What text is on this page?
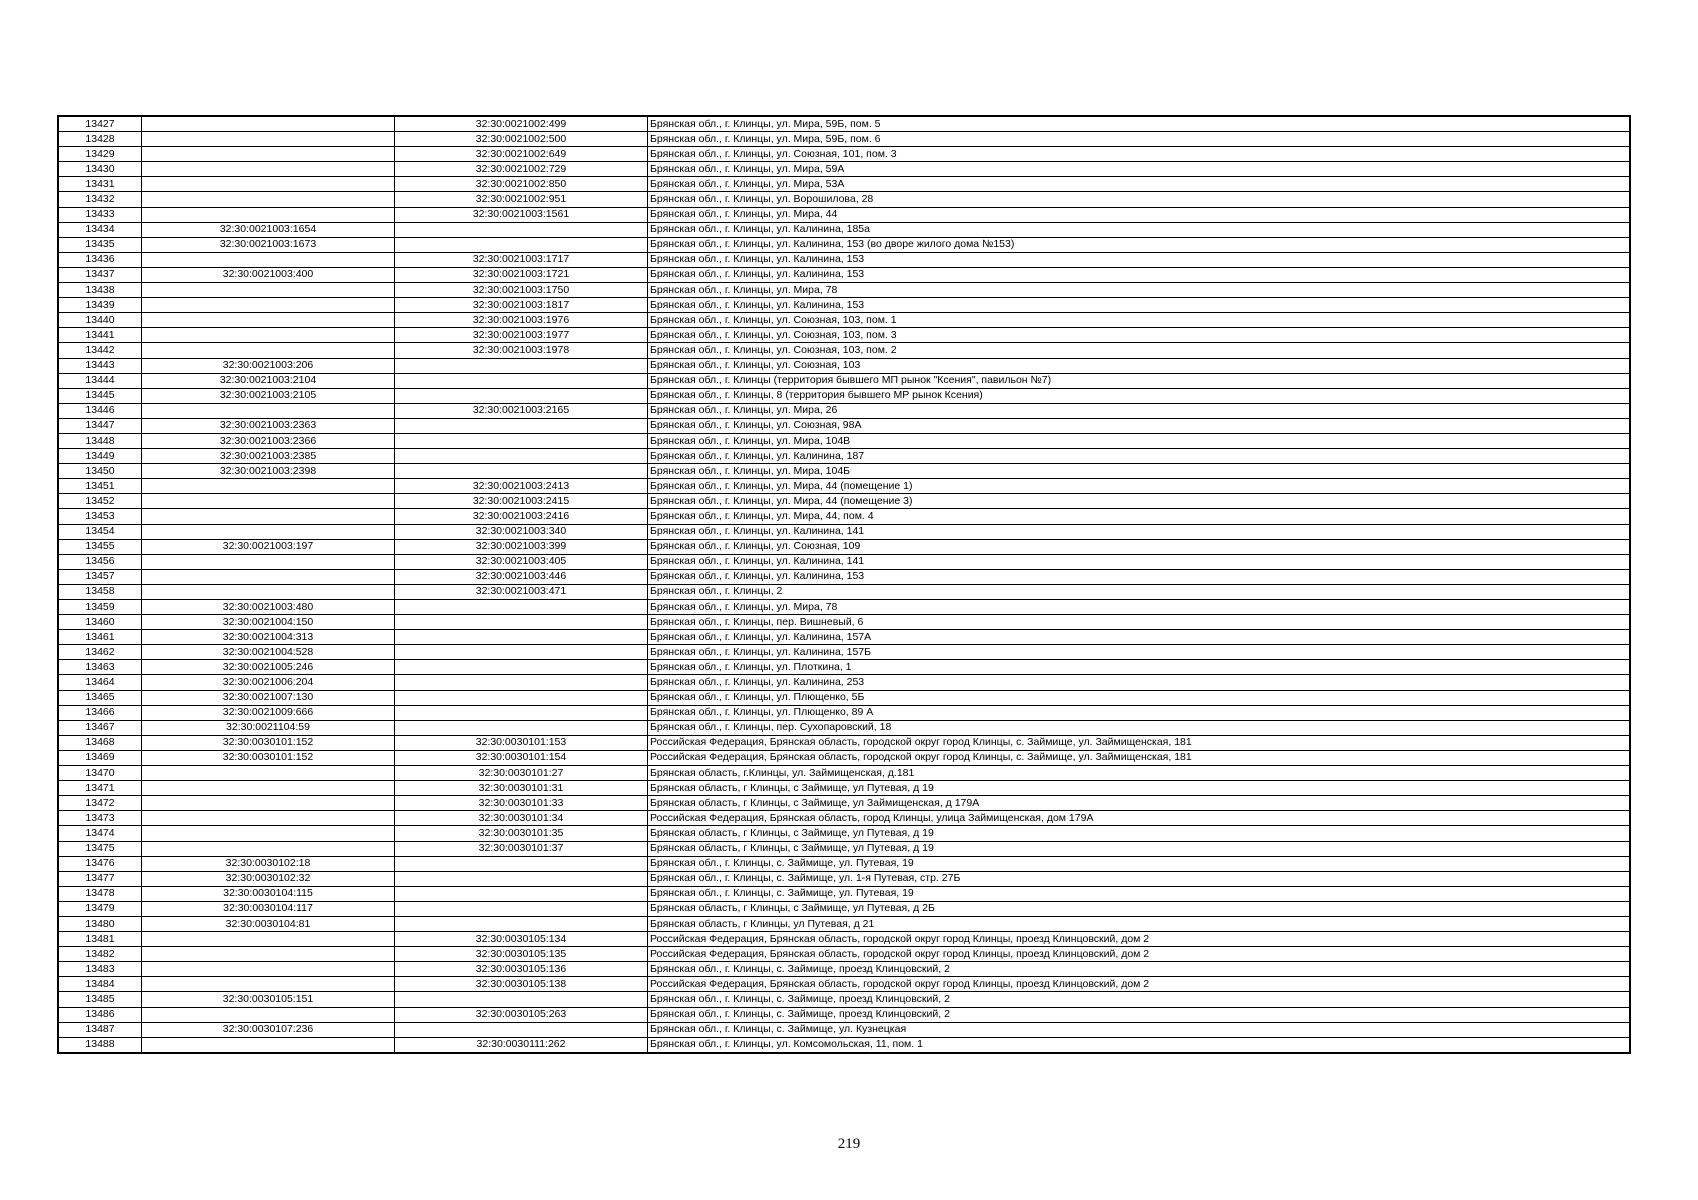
13427		32:30:0021002:499	Брянская обл., г. Клинцы, ул. Мира, 59Б, пом. 5
13428		32:30:0021002:500	Брянская обл., г. Клинцы, ул. Мира, 59Б, пом. 6
13429		32:30:0021002:649	Брянская обл., г. Клинцы, ул. Союзная, 101, пом. 3
13430		32:30:0021002:729	Брянская обл., г. Клинцы, ул. Мира, 59А
13431		32:30:0021002:850	Брянская обл., г. Клинцы, ул. Мира, 53А
13432		32:30:0021002:951	Брянская обл., г. Клинцы, ул. Ворошилова, 28
13433		32:30:0021003:1561	Брянская обл., г. Клинцы, ул. Мира, 44
13434	32:30:0021003:1654		Брянская обл., г. Клинцы, ул. Калинина, 185а
13435	32:30:0021003:1673		Брянская обл., г. Клинцы, ул. Калинина, 153 (во дворе жилого дома №153)
13436		32:30:0021003:1717	Брянская обл., г. Клинцы, ул. Калинина, 153
13437	32:30:0021003:400	32:30:0021003:1721	Брянская обл., г. Клинцы, ул. Калинина, 153
13438		32:30:0021003:1750	Брянская обл., г. Клинцы, ул. Мира, 78
13439		32:30:0021003:1817	Брянская обл., г. Клинцы, ул. Калинина, 153
13440		32:30:0021003:1976	Брянская обл., г. Клинцы, ул. Союзная, 103, пом. 1
13441		32:30:0021003:1977	Брянская обл., г. Клинцы, ул. Союзная, 103, пом. 3
13442		32:30:0021003:1978	Брянская обл., г. Клинцы, ул. Союзная, 103, пом. 2
13443	32:30:0021003:206		Брянская обл., г. Клинцы, ул. Союзная, 103
13444	32:30:0021003:2104		Брянская обл., г. Клинцы (территория бывшего МП рынок "Ксения", павильон №7)
13445	32:30:0021003:2105		Брянская обл., г. Клинцы, 8 (территория бывшего МР рынок Ксения)
13446		32:30:0021003:2165	Брянская обл., г. Клинцы, ул. Мира, 26
13447	32:30:0021003:2363		Брянская обл., г. Клинцы, ул. Союзная, 98А
13448	32:30:0021003:2366		Брянская обл., г. Клинцы, ул. Мира, 104В
13449	32:30:0021003:2385		Брянская обл., г. Клинцы, ул. Калинина, 187
13450	32:30:0021003:2398		Брянская обл., г. Клинцы, ул. Мира, 104Б
13451		32:30:0021003:2413	Брянская обл., г. Клинцы, ул. Мира, 44 (помещение 1)
13452		32:30:0021003:2415	Брянская обл., г. Клинцы, ул. Мира, 44 (помещение 3)
13453		32:30:0021003:2416	Брянская обл., г. Клинцы, ул. Мира, 44, пом. 4
13454		32:30:0021003:340	Брянская обл., г. Клинцы, ул. Калинина, 141
13455	32:30:0021003:197	32:30:0021003:399	Брянская обл., г. Клинцы, ул. Союзная, 109
13456		32:30:0021003:405	Брянская обл., г. Клинцы, ул. Калинина, 141
13457		32:30:0021003:446	Брянская обл., г. Клинцы, ул. Калинина, 153
13458		32:30:0021003:471	Брянская обл., г. Клинцы, 2
13459	32:30:0021003:480		Брянская обл., г. Клинцы, ул. Мира, 78
13460	32:30:0021004:150		Брянская обл., г. Клинцы, пер. Вишневый, 6
13461	32:30:0021004:313		Брянская обл., г. Клинцы, ул. Калинина, 157А
13462	32:30:0021004:528		Брянская обл., г. Клинцы, ул. Калинина, 157Б
13463	32:30:0021005:246		Брянская обл., г. Клинцы, ул. Плоткина, 1
13464	32:30:0021006:204		Брянская обл., г. Клинцы, ул. Калинина, 253
13465	32:30:0021007:130		Брянская обл., г. Клинцы, ул. Плющенко, 5Б
13466	32:30:0021009:666		Брянская обл., г. Клинцы, ул. Плющенко, 89 А
13467	32:30:0021104:59		Брянская обл., г. Клинцы, пер. Сухопаровский, 18
13468	32:30:0030101:152	32:30:0030101:153	Российская Федерация, Брянская область, городской округ город Клинцы, с. Займище, ул. Займищенская, 181
13469	32:30:0030101:152	32:30:0030101:154	Российская Федерация, Брянская область, городской округ город Клинцы, с. Займище, ул. Займищенская, 181
13470		32:30:0030101:27	Брянская область, г.Клинцы, ул. Займищенская, д.181
13471		32:30:0030101:31	Брянская область, г Клинцы, с Займище, ул Путевая, д 19
13472		32:30:0030101:33	Брянская область, г Клинцы, с Займище, ул Займищенская, д 179А
13473		32:30:0030101:34	Российская Федерация, Брянская область, город Клинцы, улица Займищенская, дом 179А
13474		32:30:0030101:35	Брянская область, г Клинцы, с Займище, ул Путевая, д 19
13475		32:30:0030101:37	Брянская область, г Клинцы, с Займище, ул Путевая, д 19
13476	32:30:0030102:18		Брянская обл., г. Клинцы, с. Займище, ул. Путевая, 19
13477	32:30:0030102:32		Брянская обл., г. Клинцы, с. Займище, ул. 1-я Путевая, стр. 27Б
13478	32:30:0030104:115		Брянская обл., г. Клинцы, с. Займище, ул. Путевая, 19
13479	32:30:0030104:117		Брянская область, г Клинцы, с Займище, ул Путевая, д 2Б
13480	32:30:0030104:81		Брянская область, г Клинцы, ул Путевая, д 21
13481		32:30:0030105:134	Российская Федерация, Брянская область, городской округ город Клинцы, проезд Клинцовский, дом 2
13482		32:30:0030105:135	Российская Федерация, Брянская область, городской округ город Клинцы, проезд Клинцовский, дом 2
13483		32:30:0030105:136	Брянская обл., г. Клинцы, с. Займище, проезд Клинцовский, 2
13484		32:30:0030105:138	Российская Федерация, Брянская область, городской округ город Клинцы, проезд Клинцовский, дом 2
13485	32:30:0030105:151		Брянская обл., г. Клинцы, с. Займище, проезд Клинцовский, 2
13486		32:30:0030105:263	Брянская обл., г. Клинцы, с. Займище, проезд Клинцовский, 2
13487	32:30:0030107:236		Брянская обл., г. Клинцы, с. Займище, ул. Кузнецкая
13488		32:30:0030111:262	Брянская обл., г. Клинцы, ул. Комсомольская, 11, пом. 1
219
